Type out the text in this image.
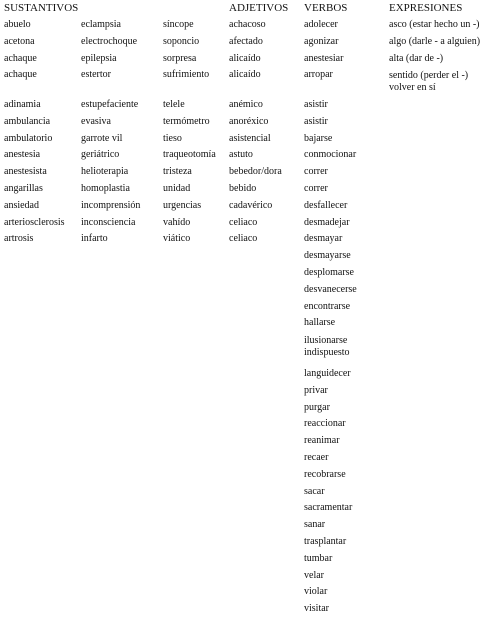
SUSTANTIVOS	ADJETIVOS VERBOS	EXPRESIONES
abuelo
acetona
achaque
achaque
adinamia
ambulancia
ambulatorio
anestesia
anestesista
angarillas
ansiedad
arteriosclerosis
artrosis
eclampsia
electrochoque
epilepsia
estertor
estupefaciente
evasiva
garrote vil
geriátrico
helioterapia
homoplastia
incomprensión
inconsciencia
infarto
síncope
soponcio
sorpresa
sufrimiento
telele
termómetro
tieso
traqueotomía
tristeza
unidad
urgencias
vahído
viático
achacoso
afectado
alicaído
alicaído
anémico
anoréxico
asistencial
astuto
bebedor/dora
bebido
cadavérico
celiaco
celiaco
adolecer
agonizar
anestesiar
arropar
asistir
asistir
bajarse
conmocionar
correr
correr
desfallecer
desmadejar
desmayar
desmayarse
desplomarse
desvanecerse
encontrarse
hallarse
ilusionarse indispuesto
languidecer
privar
purgar
reaccionar
reanimar
recaer
recobrarse
sacar
sacramentar
sanar
trasplantar
tumbar
velar
violar
visitar
asco (estar hecho un -)
algo (darle - a alguien)
alta (dar de -)
sentido (perder el -) volver en sí
